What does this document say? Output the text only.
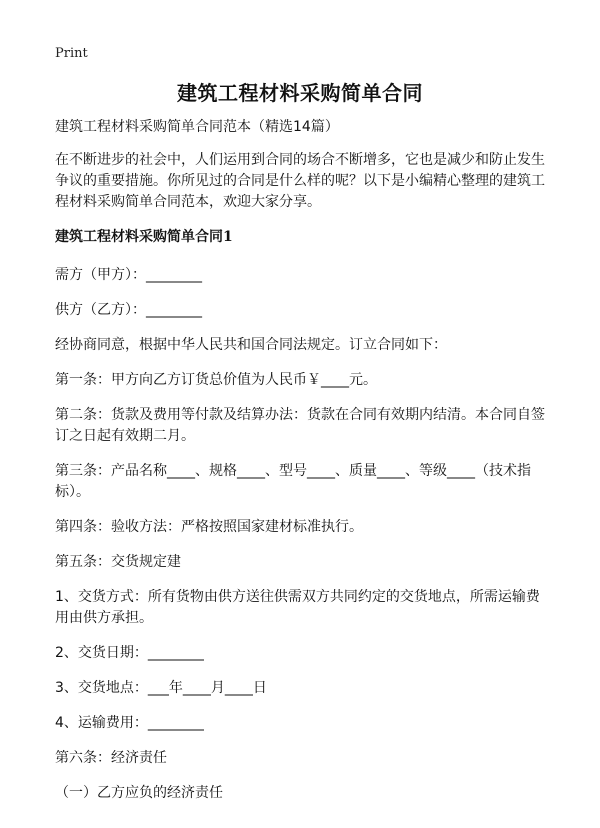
Print
建筑工程材料采购简单合同
建筑工程材料采购简单合同范本（精选14篇）
在不断进步的社会中，人们运用到合同的场合不断增多，它也是减少和防止发生争议的重要措施。你所见过的合同是什么样的呢？以下是小编精心整理的建筑工程材料采购简单合同范本，欢迎大家分享。
建筑工程材料采购简单合同1
需方（甲方）：________
供方（乙方）：________
经协商同意，根据中华人民共和国合同法规定。订立合同如下：
第一条：甲方向乙方订货总价值为人民币￥____元。
第二条：货款及费用等付款及结算办法：货款在合同有效期内结清。本合同自签订之日起有效期二月。
第三条：产品名称____、规格____、型号____、质量____、等级____（技术指标）。
第四条：验收方法：严格按照国家建材标准执行。
第五条：交货规定建
1、交货方式：所有货物由供方送往供需双方共同约定的交货地点，所需运输费用由供方承担。
2、交货日期：________
3、交货地点：___年____月____日
4、运输费用：________
第六条：经济责任
（一）乙方应负的经济责任
